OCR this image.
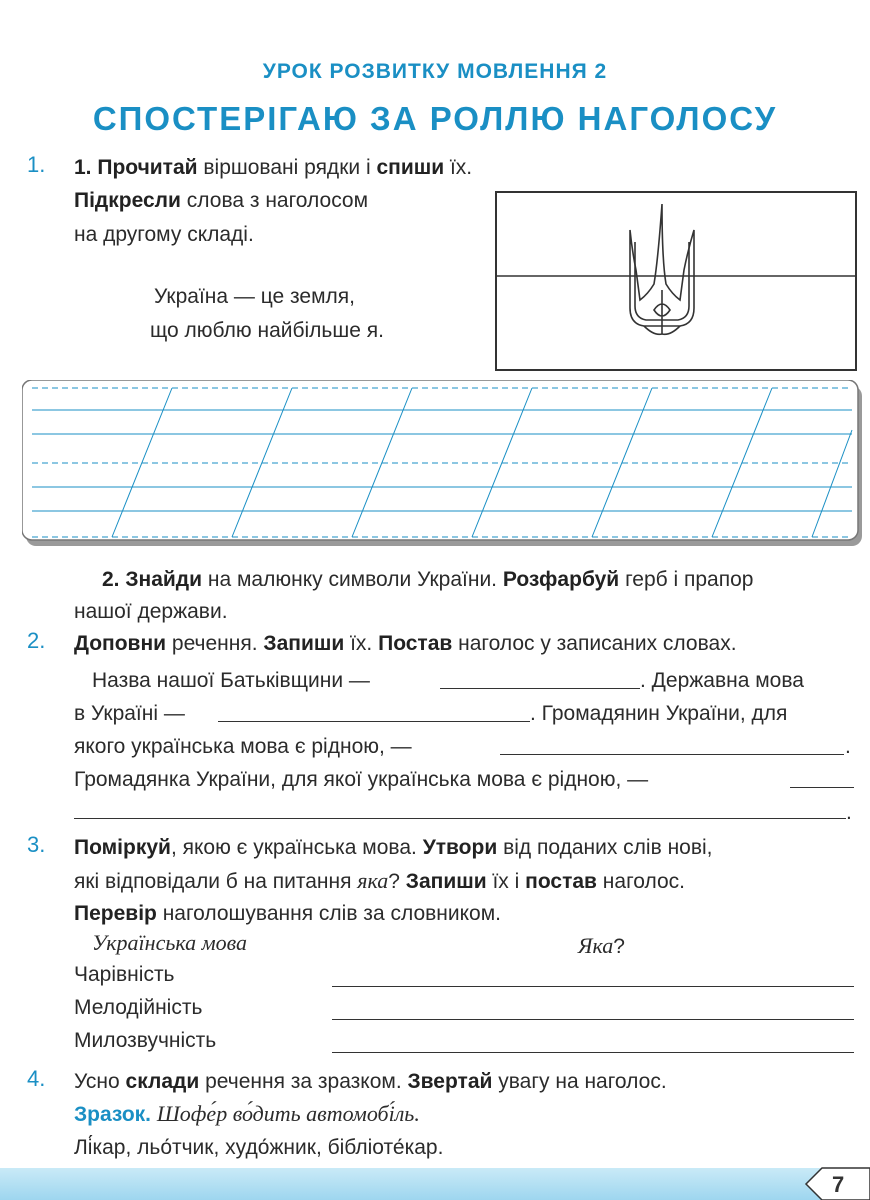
УРОК РОЗВИТКУ МОВЛЕННЯ 2
СПОСТЕРІГАЮ ЗА РОЛЛЮ НАГОЛОСУ
1. 1. Прочитай віршовані рядки і спиши їх.
Підкресли слова з наголосом
на другому складі.
Україна — це земля,
що люблю найбільше я.
2. Знайди на малюнку символи України. Розфарбуй герб і прапор
нашої держави.
2. Доповни речення. Запиши їх. Постав наголос у записаних словах.
Назва нашої Батьківщини —	. Державна мова
в Україні —	. Громадянин України, для
якого українська мова є рідною, —	.
Громадянка України, для якої українська мова є рідною, —
.
3. Поміркуй, якою є українська мова. Утвори від поданих слів нові,
які відповідали б на питання яка? Запиши їх і постав наголос.
Перевір наголошування слів за словником.
Українська мова	Яка?
Чарівність
Мелодійність
Милозвучність
4. Усно склади речення за зразком. Звертай увагу на наголос.
Зразок. Шофе́р во́дить автомобі́ль.
Лі́кар, льо́тчик, худо́жник, бібліоте́кар.
7
